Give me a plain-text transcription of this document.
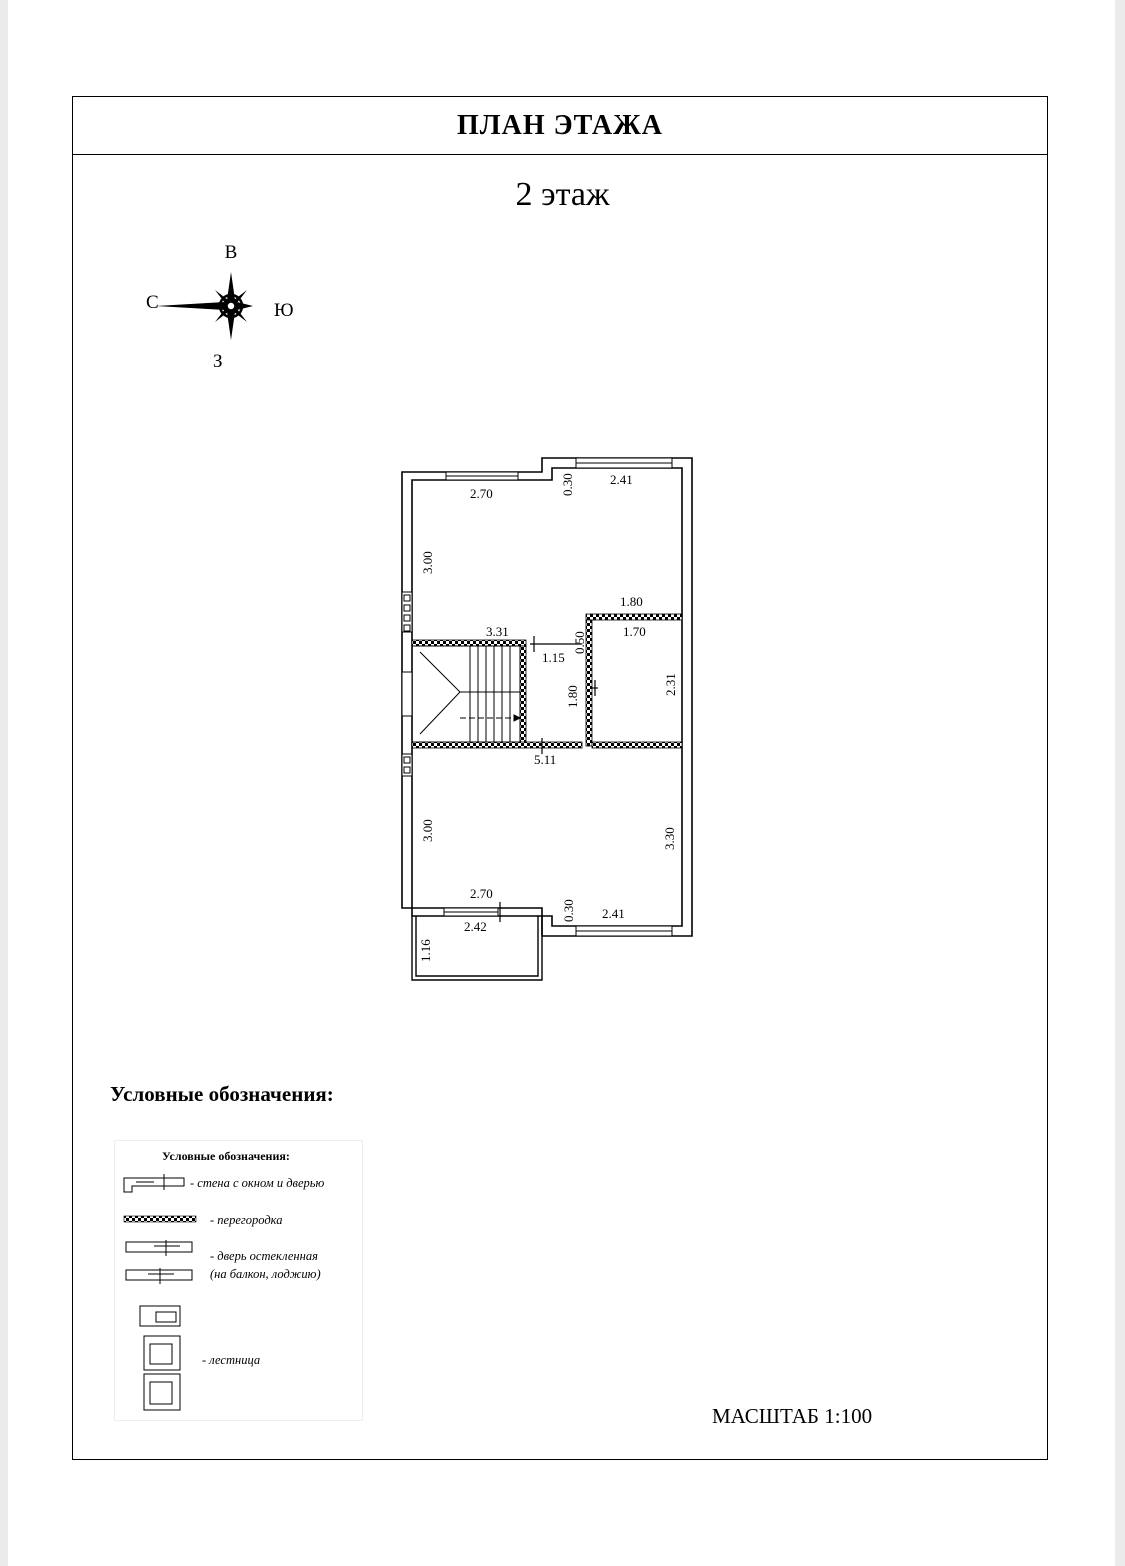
ПЛАН ЭТАЖА
2 этаж
В
С	Ю
З
2.70	0.30	2.41
3.00
1.80
3.31	0.50	1.70
1.15
1.80
2.31
5.11
3.00	3.30
2.70
0.30 2.41
2.42
1.16
Условные обозначения:
Условные обозначения:
- стена с окном и дверью
- перегородка
- дверь остекленная
(на балкон, лоджию)
- лестница
МАСШТАБ 1:100
